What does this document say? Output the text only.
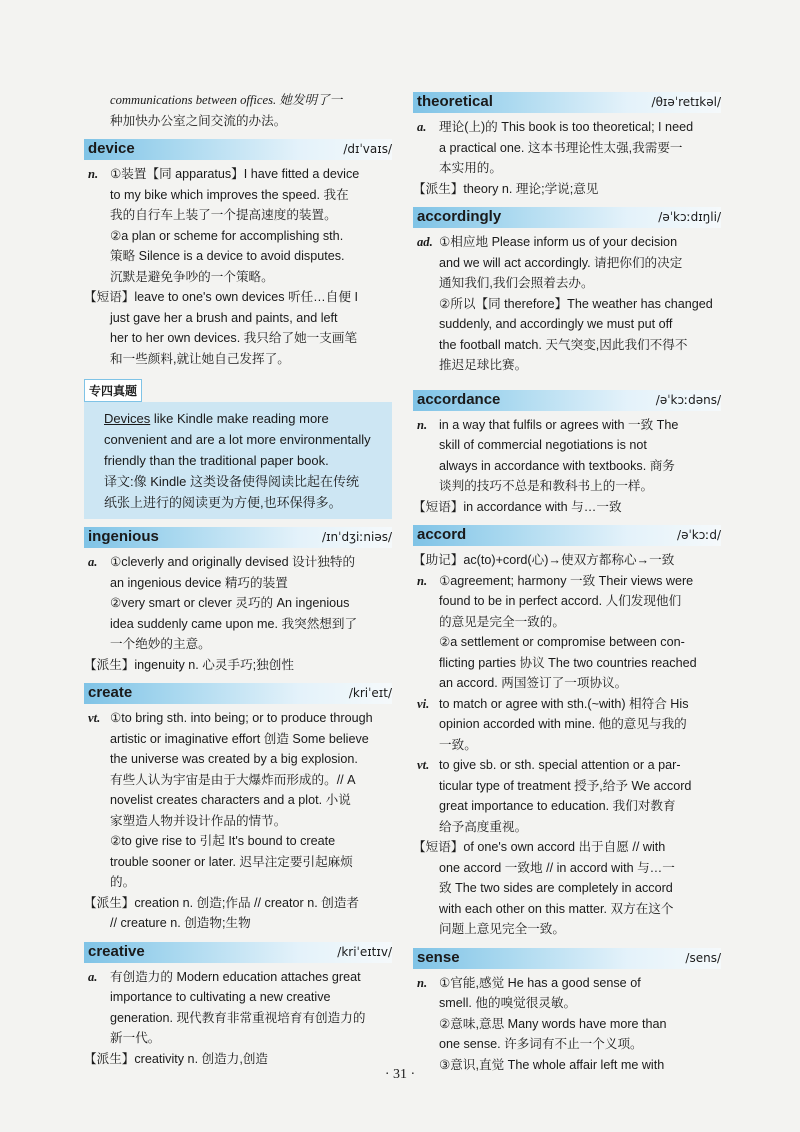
communications between offices. 她发明了一
种加快办公室之间交流的办法。
device	/dɪˈvaɪs/
n. ①装置【同 apparatus】I have fitted a device
to my bike which improves the speed. 我在
我的自行车上装了一个提高速度的装置。
②a plan or scheme for accomplishing sth.
策略 Silence is a device to avoid disputes.
沉默是避免争吵的一个策略。
【短语】leave to one's own devices 听任…自便 I
just gave her a brush and paints, and left
her to her own devices. 我只给了她一支画笔
和一些颜料,就让她自己发挥了。
专四真题
Devices like Kindle make reading more
convenient and are a lot more environmentally
friendly than the traditional paper book.
译文:像 Kindle 这类设备使得阅读比起在传统
纸张上进行的阅读更为方便,也环保得多。
ingenious	/ɪnˈdʒiːniəs/
a. ①cleverly and originally devised 设计独特的
an ingenious device 精巧的装置
②very smart or clever 灵巧的 An ingenious
idea suddenly came upon me. 我突然想到了
一个绝妙的主意。
【派生】ingenuity n. 心灵手巧;独创性
create	/kriˈeɪt/
vt. ①to bring sth. into being; or to produce through
artistic or imaginative effort 创造 Some believe
the universe was created by a big explosion.
有些人认为宇宙是由于大爆炸而形成的。// A
novelist creates characters and a plot. 小说
家塑造人物并设计作品的情节。
②to give rise to 引起 It's bound to create
trouble sooner or later. 迟早注定要引起麻烦
的。
【派生】creation n. 创造;作品 // creator n. 创造者
// creature n. 创造物;生物
creative	/kriˈeɪtɪv/
a. 有创造力的 Modern education attaches great
importance to cultivating a new creative
generation. 现代教育非常重视培育有创造力的
新一代。
【派生】creativity n. 创造力,创造
theoretical	/θɪəˈretɪkəl/
a. 理论(上)的 This book is too theoretical; I need
a practical one. 这本书理论性太强,我需要一
本实用的。
【派生】theory n. 理论;学说;意见
accordingly	/əˈkɔːdɪŋli/
ad. ①相应地 Please inform us of your decision
and we will act accordingly. 请把你们的决定
通知我们,我们会照着去办。
②所以【同 therefore】The weather has changed
suddenly, and accordingly we must put off
the football match. 天气突变,因此我们不得不
推迟足球比赛。
accordance	/əˈkɔːdəns/
n. in a way that fulfils or agrees with 一致 The
skill of commercial negotiations is not
always in accordance with textbooks. 商务
谈判的技巧不总是和教科书上的一样。
【短语】in accordance with 与…一致
accord	/əˈkɔːd/
【助记】ac(to)+cord(心)→使双方都称心→一致
n. ①agreement; harmony 一致 Their views were
found to be in perfect accord. 人们发现他们
的意见是完全一致的。
②a settlement or compromise between con-
flicting parties 协议 The two countries reached
an accord. 两国签订了一项协议。
vi. to match or agree with sth.(~with) 相符合 His
opinion accorded with mine. 他的意见与我的
一致。
vt. to give sb. or sth. special attention or a par-
ticular type of treatment 授予,给予 We accord
great importance to education. 我们对教育
给予高度重视。
【短语】of one's own accord 出于自愿 // with
one accord 一致地 // in accord with 与…一
致 The two sides are completely in accord
with each other on this matter. 双方在这个
问题上意见完全一致。
sense	/sens/
n. ①官能,感觉 He has a good sense of
smell. 他的嗅觉很灵敏。
②意味,意思 Many words have more than
one sense. 许多词有不止一个义项。
③意识,直觉 The whole affair left me with
· 31 ·
